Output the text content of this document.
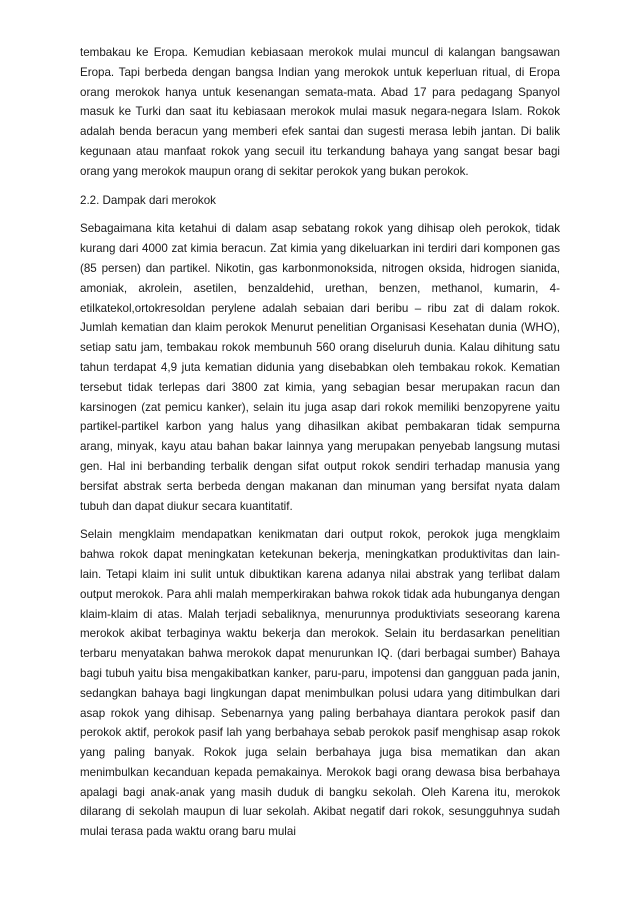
tembakau ke Eropa. Kemudian kebiasaan merokok mulai muncul di kalangan bangsawan Eropa. Tapi berbeda dengan bangsa Indian yang merokok untuk keperluan ritual, di Eropa orang merokok hanya untuk kesenangan semata-mata. Abad 17 para pedagang Spanyol masuk ke Turki dan saat itu kebiasaan merokok mulai masuk negara-negara Islam. Rokok adalah benda beracun yang memberi efek santai dan sugesti merasa lebih jantan. Di balik kegunaan atau manfaat rokok yang secuil itu terkandung bahaya yang sangat besar bagi orang yang merokok maupun orang di sekitar perokok yang bukan perokok.

2.2. Dampak dari merokok

Sebagaimana kita ketahui di dalam asap sebatang rokok yang dihisap oleh perokok, tidak kurang dari 4000 zat kimia beracun. Zat kimia yang dikeluarkan ini terdiri dari komponen gas (85 persen) dan partikel. Nikotin, gas karbonmonoksida, nitrogen oksida, hidrogen sianida, amoniak, akrolein, asetilen, benzaldehid, urethan, benzen, methanol, kumarin, 4-etilkatekol,ortokresoldan perylene adalah sebaian dari beribu – ribu zat di dalam rokok. Jumlah kematian dan klaim perokok Menurut penelitian Organisasi Kesehatan dunia (WHO), setiap satu jam, tembakau rokok membunuh 560 orang diseluruh dunia. Kalau dihitung satu tahun terdapat 4,9 juta kematian didunia yang disebabkan oleh tembakau rokok. Kematian tersebut tidak terlepas dari 3800 zat kimia, yang sebagian besar merupakan racun dan karsinogen (zat pemicu kanker), selain itu juga asap dari rokok memiliki benzopyrene yaitu partikel-partikel karbon yang halus yang dihasilkan akibat pembakaran tidak sempurna arang, minyak, kayu atau bahan bakar lainnya yang merupakan penyebab langsung mutasi gen. Hal ini berbanding terbalik dengan sifat output rokok sendiri terhadap manusia yang bersifat abstrak serta berbeda dengan makanan dan minuman yang bersifat nyata dalam tubuh dan dapat diukur secara kuantitatif.

Selain mengklaim mendapatkan kenikmatan dari output rokok, perokok juga mengklaim bahwa rokok dapat meningkatan ketekunan bekerja, meningkatkan produktivitas dan lain-lain. Tetapi klaim ini sulit untuk dibuktikan karena adanya nilai abstrak yang terlibat dalam output merokok. Para ahli malah memperkirakan bahwa rokok tidak ada hubunganya dengan klaim-klaim di atas. Malah terjadi sebaliknya, menurunnya produktiviats seseorang karena merokok akibat terbaginya waktu bekerja dan merokok. Selain itu berdasarkan penelitian terbaru menyatakan bahwa merokok dapat menurunkan IQ. (dari berbagai sumber) Bahaya bagi tubuh yaitu bisa mengakibatkan kanker, paru-paru, impotensi dan gangguan pada janin, sedangkan bahaya bagi lingkungan dapat menimbulkan polusi udara yang ditimbulkan dari asap rokok yang dihisap. Sebenarnya yang paling berbahaya diantara perokok pasif dan perokok aktif, perokok pasif lah yang berbahaya sebab perokok pasif menghisap asap rokok yang paling banyak. Rokok juga selain berbahaya juga bisa mematikan dan akan menimbulkan kecanduan kepada pemakainya. Merokok bagi orang dewasa bisa berbahaya apalagi bagi anak-anak yang masih duduk di bangku sekolah. Oleh Karena itu, merokok dilarang di sekolah maupun di luar sekolah. Akibat negatif dari rokok, sesungguhnya sudah mulai terasa pada waktu orang baru mulai
